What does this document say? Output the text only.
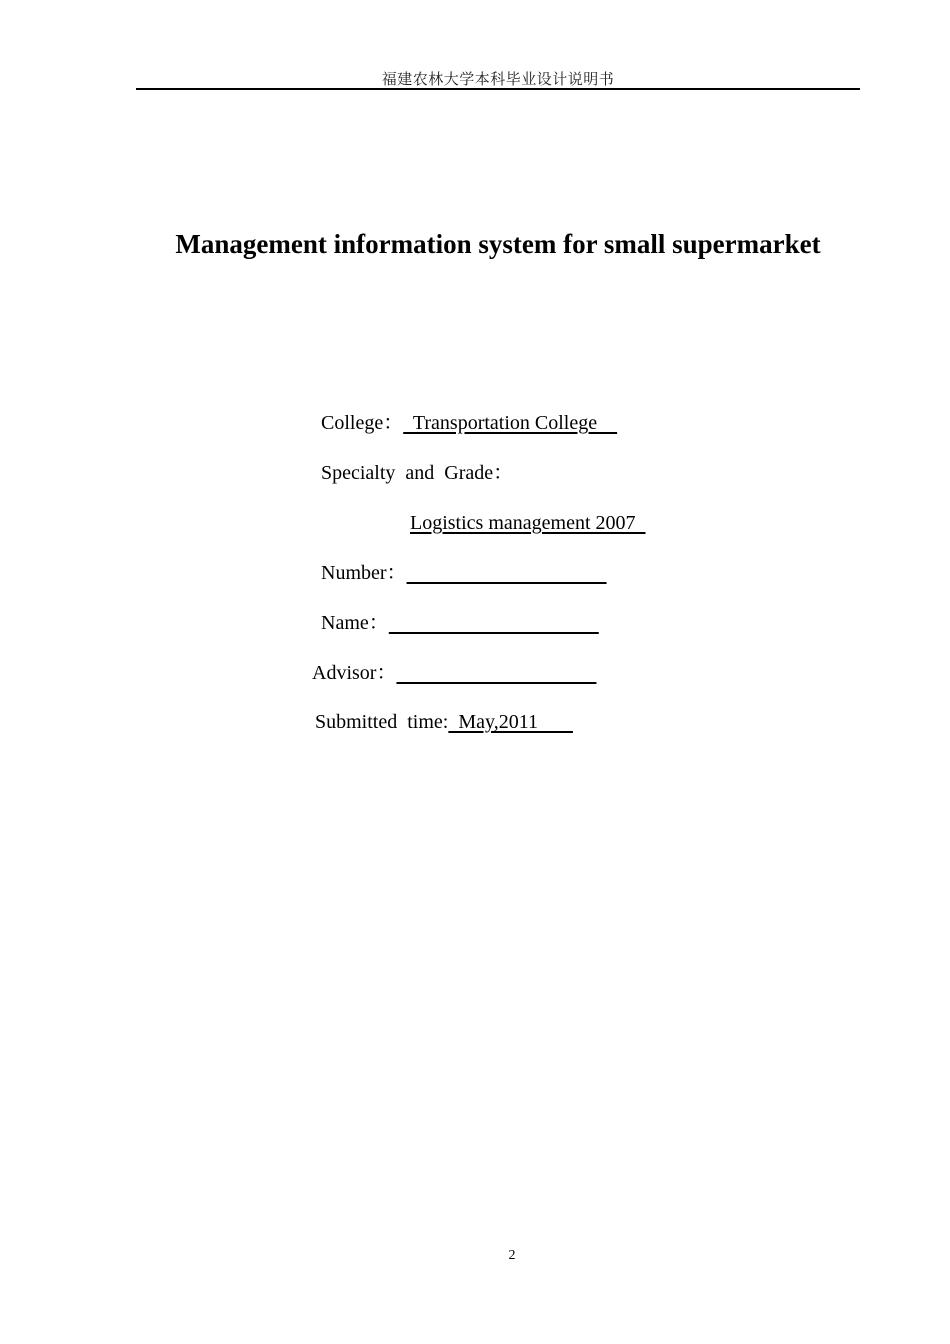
福建农林大学本科毕业设计说明书
Management information system for small supermarket
College：  Transportation College
Specialty  and  Grade：
Logistics management 2007
Number：
Name：
Advisor：
Submitted  time:  May,2011
2
